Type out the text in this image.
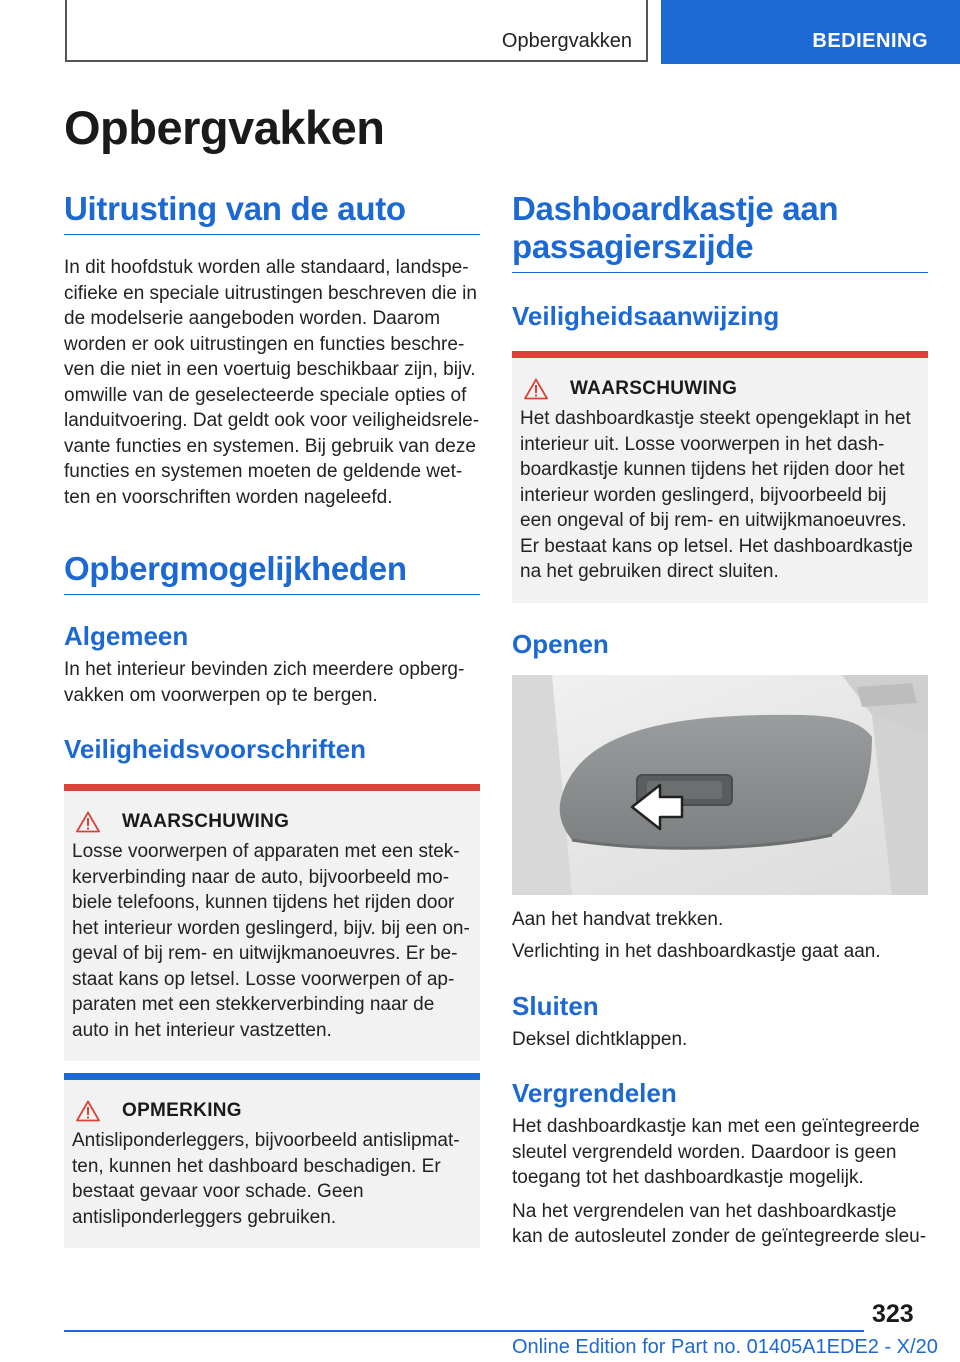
Opbergvakken	BEDIENING
Opbergvakken
Uitrusting van de auto

In dit hoofdstuk worden alle standaard, landspecifieke en speciale uitrustingen beschreven die in de modelserie aangeboden worden. Daarom worden er ook uitrustingen en functies beschreven die niet in een voertuig beschikbaar zijn, bijv. omwille van de geselecteerde speciale opties of landuitvoering. Dat geldt ook voor veiligheidsrelevante functies en systemen. Bij gebruik van deze functies en systemen moeten de geldende wetten en voorschriften worden nageleefd.

Opbergmogelijkheden
Algemeen

In het interieur bevinden zich meerdere opbergvakken om voorwerpen op te bergen.

Veiligheidsvoorschriften
WAARSCHUWING

Losse voorwerpen of apparaten met een stekkerverbinding naar de auto, bijvoorbeeld mobiele telefoons, kunnen tijdens het rijden door het interieur worden geslingerd, bijv. bij een ongeval of bij rem- en uitwijkmanoeuvres. Er bestaat kans op letsel. Losse voorwerpen of apparaten met een stekkerverbinding naar de auto in het interieur vastzetten.

OPMERKING

Antisliponderleggers, bijvoorbeeld antislipmatten, kunnen het dashboard beschadigen. Er bestaat gevaar voor schade. Geen antisliponderleggers gebruiken.

Dashboardkastje aan passagierszijde
Veiligheidsaanwijzing
WAARSCHUWING

Het dashboardkastje steekt opengeklapt in het interieur uit. Losse voorwerpen in het dashboardkastje kunnen tijdens het rijden door het interieur worden geslingerd, bijvoorbeeld bij een ongeval of bij rem- en uitwijkmanoeuvres. Er bestaat kans op letsel. Het dashboardkastje na het gebruiken direct sluiten.

Openen

Aan het handvat trekken.

Verlichting in het dashboardkastje gaat aan.

Sluiten

Deksel dichtklappen.

Vergrendelen

Het dashboardkastje kan met een geïntegreerde sleutel vergrendeld worden. Daardoor is geen toegang tot het dashboardkastje mogelijk.

Na het vergrendelen van het dashboardkastje kan de autosleutel zonder de geïntegreerde sleu-

323
Online Edition for Part no. 01405A1EDE2 - X/20
